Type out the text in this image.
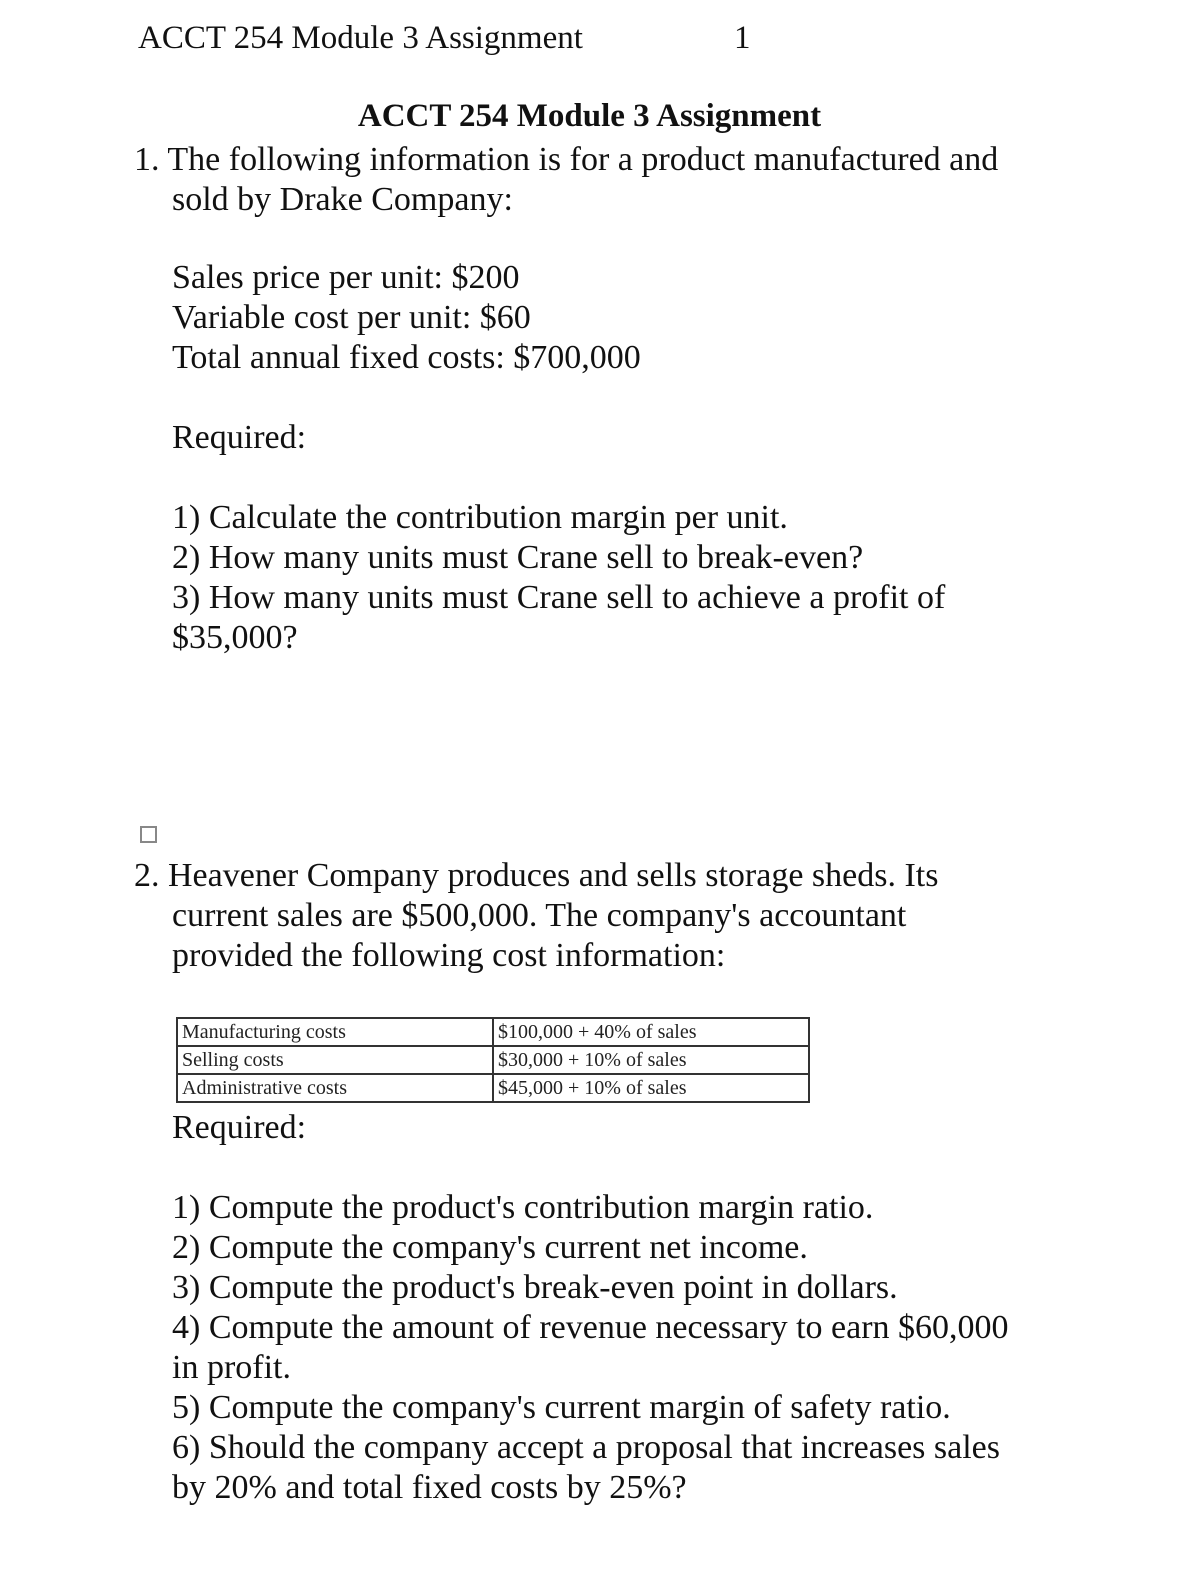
ACCT 254 Module 3 Assignment	1
ACCT 254 Module 3 Assignment
1. The following information is for a product manufactured and
sold by Drake Company:
Sales price per unit: $200
Variable cost per unit: $60
Total annual fixed costs: $700,000
Required:
1) Calculate the contribution margin per unit.
2) How many units must Crane sell to break-even?
3) How many units must Crane sell to achieve a profit of
$35,000?
2. Heavener Company produces and sells storage sheds. Its
current sales are $500,000. The company's accountant
provided the following cost information:
Manufacturing costs	$100,000 + 40% of sales
Selling costs	$30,000 + 10% of sales
Administrative costs	$45,000 + 10% of sales
Required:
1) Compute the product's contribution margin ratio.
2) Compute the company's current net income.
3) Compute the product's break-even point in dollars.
4) Compute the amount of revenue necessary to earn $60,000
in profit.
5) Compute the company's current margin of safety ratio.
6) Should the company accept a proposal that increases sales
by 20% and total fixed costs by 25%?
